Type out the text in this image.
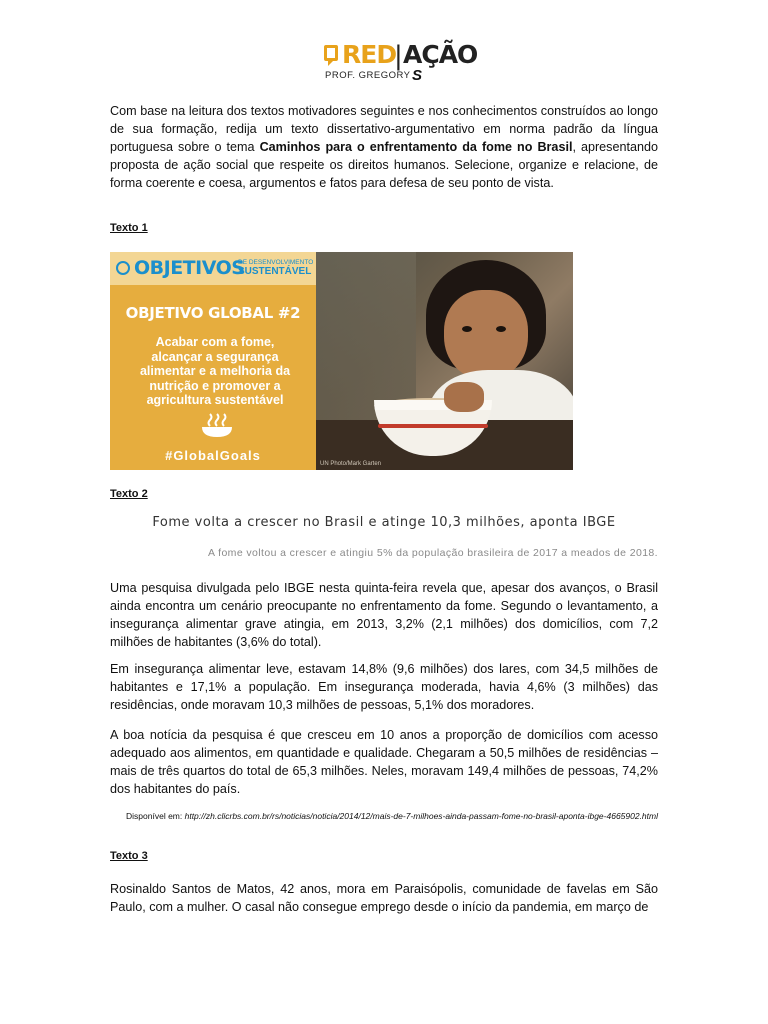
RED
| AÇÃO
PROF. GREGORY S
Com base na leitura dos textos motivadores seguintes e nos conhecimentos construídos ao longo de sua formação, redija um texto dissertativo-argumentativo em norma padrão da língua portuguesa sobre o tema Caminhos para o enfrentamento da fome no Brasil, apresentando proposta de ação social que respeite os direitos humanos. Selecione, organize e relacione, de forma coerente e coesa, argumentos e fatos para defesa de seu ponto de vista.
Texto 1
OBJETIVOS
DE DESENVOLVIMENTO
SUSTENTÁVEL
OBJETIVO GLOBAL #2
Acabar com a fome, alcançar a segurança alimentar e a melhoria da nutrição e promover a agricultura sustentável
#GlobalGoals
UN Photo/Mark Garten
Texto 2
Fome volta a crescer no Brasil e atinge 10,3 milhões, aponta IBGE
A fome voltou a crescer e atingiu 5% da população brasileira de 2017 a meados de 2018.
Uma pesquisa divulgada pelo IBGE nesta quinta-feira revela que, apesar dos avanços, o Brasil ainda encontra um cenário preocupante no enfrentamento da fome. Segundo o levantamento, a insegurança alimentar grave atingia, em 2013, 3,2% (2,1 milhões) dos domicílios, com 7,2 milhões de habitantes (3,6% do total).
Em insegurança alimentar leve, estavam 14,8% (9,6 milhões) dos lares, com 34,5 milhões de habitantes e 17,1% a população. Em insegurança moderada, havia 4,6% (3 milhões) das residências, onde moravam 10,3 milhões de pessoas, 5,1% dos moradores.
A boa notícia da pesquisa é que cresceu em 10 anos a proporção de domicílios com acesso adequado aos alimentos, em quantidade e qualidade. Chegaram a 50,5 milhões de residências – mais de três quartos do total de 65,3 milhões. Neles, moravam 149,4 milhões de pessoas, 74,2% dos habitantes do país.
Disponível em: http://zh.clicrbs.com.br/rs/noticias/noticia/2014/12/mais-de-7-milhoes-ainda-passam-fome-no-brasil-aponta-ibge-4665902.html
Texto 3
Rosinaldo Santos de Matos, 42 anos, mora em Paraisópolis, comunidade de favelas em São Paulo, com a mulher. O casal não consegue emprego desde o início da pandemia, em março de
